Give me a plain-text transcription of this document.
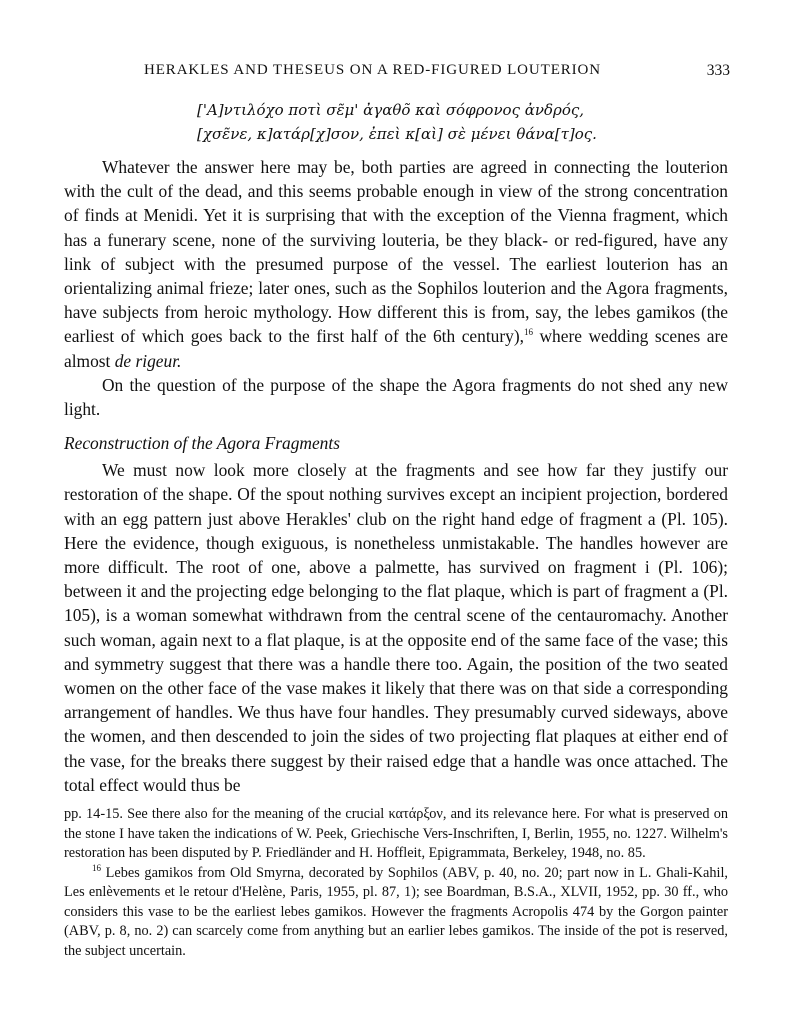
HERAKLES AND THESEUS ON A RED-FIGURED LOUTERION	333
['Α]ντιλόχο ποτὶ σε̃μ' ἀγαθõ καὶ σóφρονος ἀνδρóς,
[χσε̃νε, κ]ατάρ[χ]σον, ἐπεὶ κ[αὶ] σὲ μένει θάνα[τ]ος.

Whatever the answer here may be, both parties are agreed in connecting the louterion with the cult of the dead, and this seems probable enough in view of the strong concentration of finds at Menidi. Yet it is surprising that with the exception of the Vienna fragment, which has a funerary scene, none of the surviving louteria, be they black- or red-figured, have any link of subject with the presumed purpose of the vessel. The earliest louterion has an orientalizing animal frieze; later ones, such as the Sophilos louterion and the Agora fragments, have subjects from heroic mythology. How different this is from, say, the lebes gamikos (the earliest of which goes back to the first half of the 6th century),$^{16}$ where wedding scenes are almost de rigeur.

On the question of the purpose of the shape the Agora fragments do not shed any new light.

Reconstruction of the Agora Fragments

We must now look more closely at the fragments and see how far they justify our restoration of the shape. Of the spout nothing survives except an incipient projection, bordered with an egg pattern just above Herakles' club on the right hand edge of fragment a (Pl. 105). Here the evidence, though exiguous, is nonetheless unmistakable. The handles however are more difficult. The root of one, above a palmette, has survived on fragment i (Pl. 106); between it and the projecting edge belonging to the flat plaque, which is part of fragment a (Pl. 105), is a woman somewhat withdrawn from the central scene of the centauromachy. Another such woman, again next to a flat plaque, is at the opposite end of the same face of the vase; this and symmetry suggest that there was a handle there too. Again, the position of the two seated women on the other face of the vase makes it likely that there was on that side a corresponding arrangement of handles. We thus have four handles. They presumably curved sideways, above the women, and then descended to join the sides of two projecting flat plaques at either end of the vase, for the breaks there suggest by their raised edge that a handle was once attached. The total effect would thus be

pp. 14-15. See there also for the meaning of the crucial κατάρξον, and its relevance here. For what is preserved on the stone I have taken the indications of W. Peek, Griechische Vers-Inschriften, I, Berlin, 1955, no. 1227. Wilhelm's restoration has been disputed by P. Friedländer and H. Hoffleit, Epigrammata, Berkeley, 1948, no. 85.

$^{16}$ Lebes gamikos from Old Smyrna, decorated by Sophilos (ABV, p. 40, no. 20; part now in L. Ghali-Kahil, Les enlèvements et le retour d'Helène, Paris, 1955, pl. 87, 1); see Boardman, B.S.A., XLVII, 1952, pp. 30 ff., who considers this vase to be the earliest lebes gamikos. However the fragments Acropolis 474 by the Gorgon painter (ABV, p. 8, no. 2) can scarcely come from anything but an earlier lebes gamikos. The inside of the pot is reserved, the subject uncertain.
